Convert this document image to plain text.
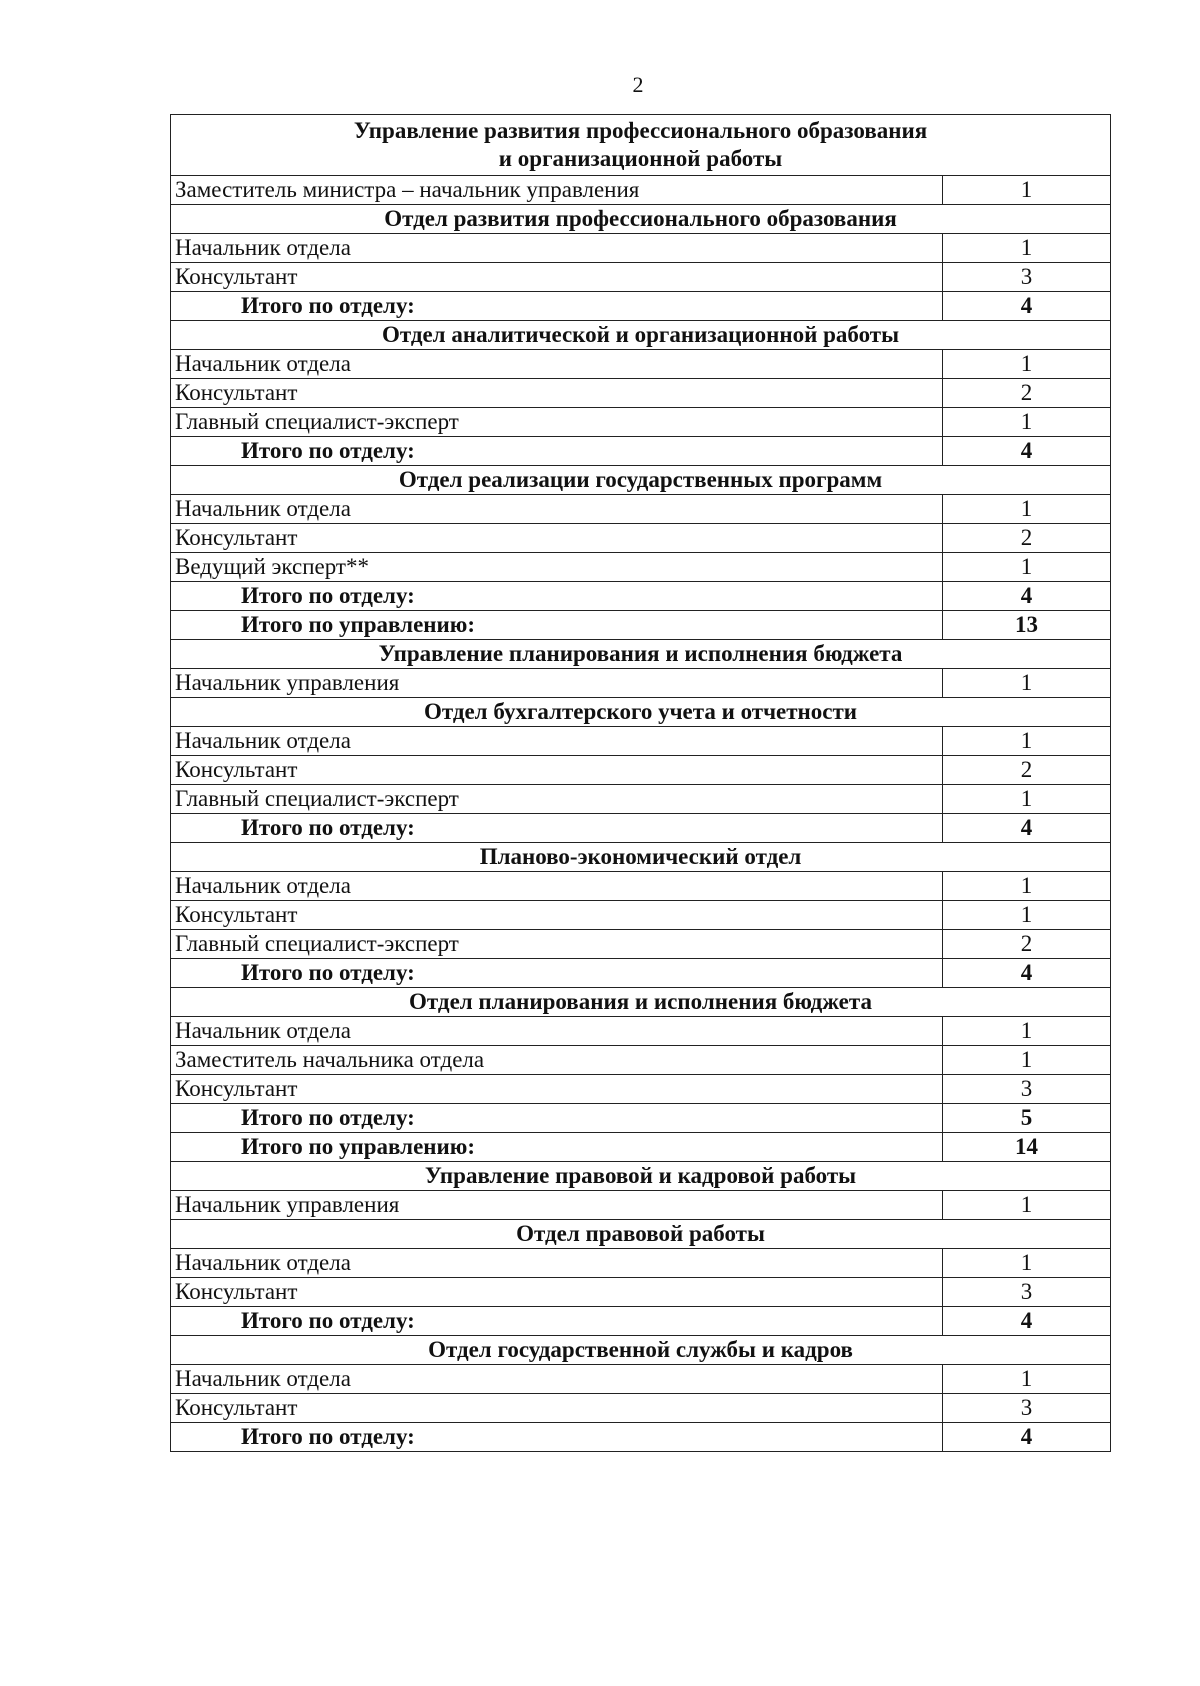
2
Управление развития профессионального образования
и организационной работы	
Заместитель министра – начальник управления	1
Отдел развития профессионального образования	
Начальник отдела	1
Консультант	3
Итого по отделу:	4
Отдел аналитической и организационной работы	
Начальник отдела	1
Консультант	2
Главный специалист-эксперт	1
Итого по отделу:	4
Отдел реализации государственных программ	
Начальник отдела	1
Консультант	2
Ведущий эксперт**	1
Итого по отделу:	4
Итого по управлению:	13
Управление планирования и исполнения бюджета	
Начальник управления	1
Отдел бухгалтерского учета и отчетности	
Начальник отдела	1
Консультант	2
Главный специалист-эксперт	1
Итого по отделу:	4
Планово-экономический отдел	
Начальник отдела	1
Консультант	1
Главный специалист-эксперт	2
Итого по отделу:	4
Отдел планирования и исполнения бюджета	
Начальник отдела	1
Заместитель начальника отдела	1
Консультант	3
Итого по отделу:	5
Итого по управлению:	14
Управление правовой и кадровой работы	
Начальник управления	1
Отдел правовой работы	
Начальник отдела	1
Консультант	3
Итого по отделу:	4
Отдел государственной службы и кадров	
Начальник отдела	1
Консультант	3
Итого по отделу:	4
